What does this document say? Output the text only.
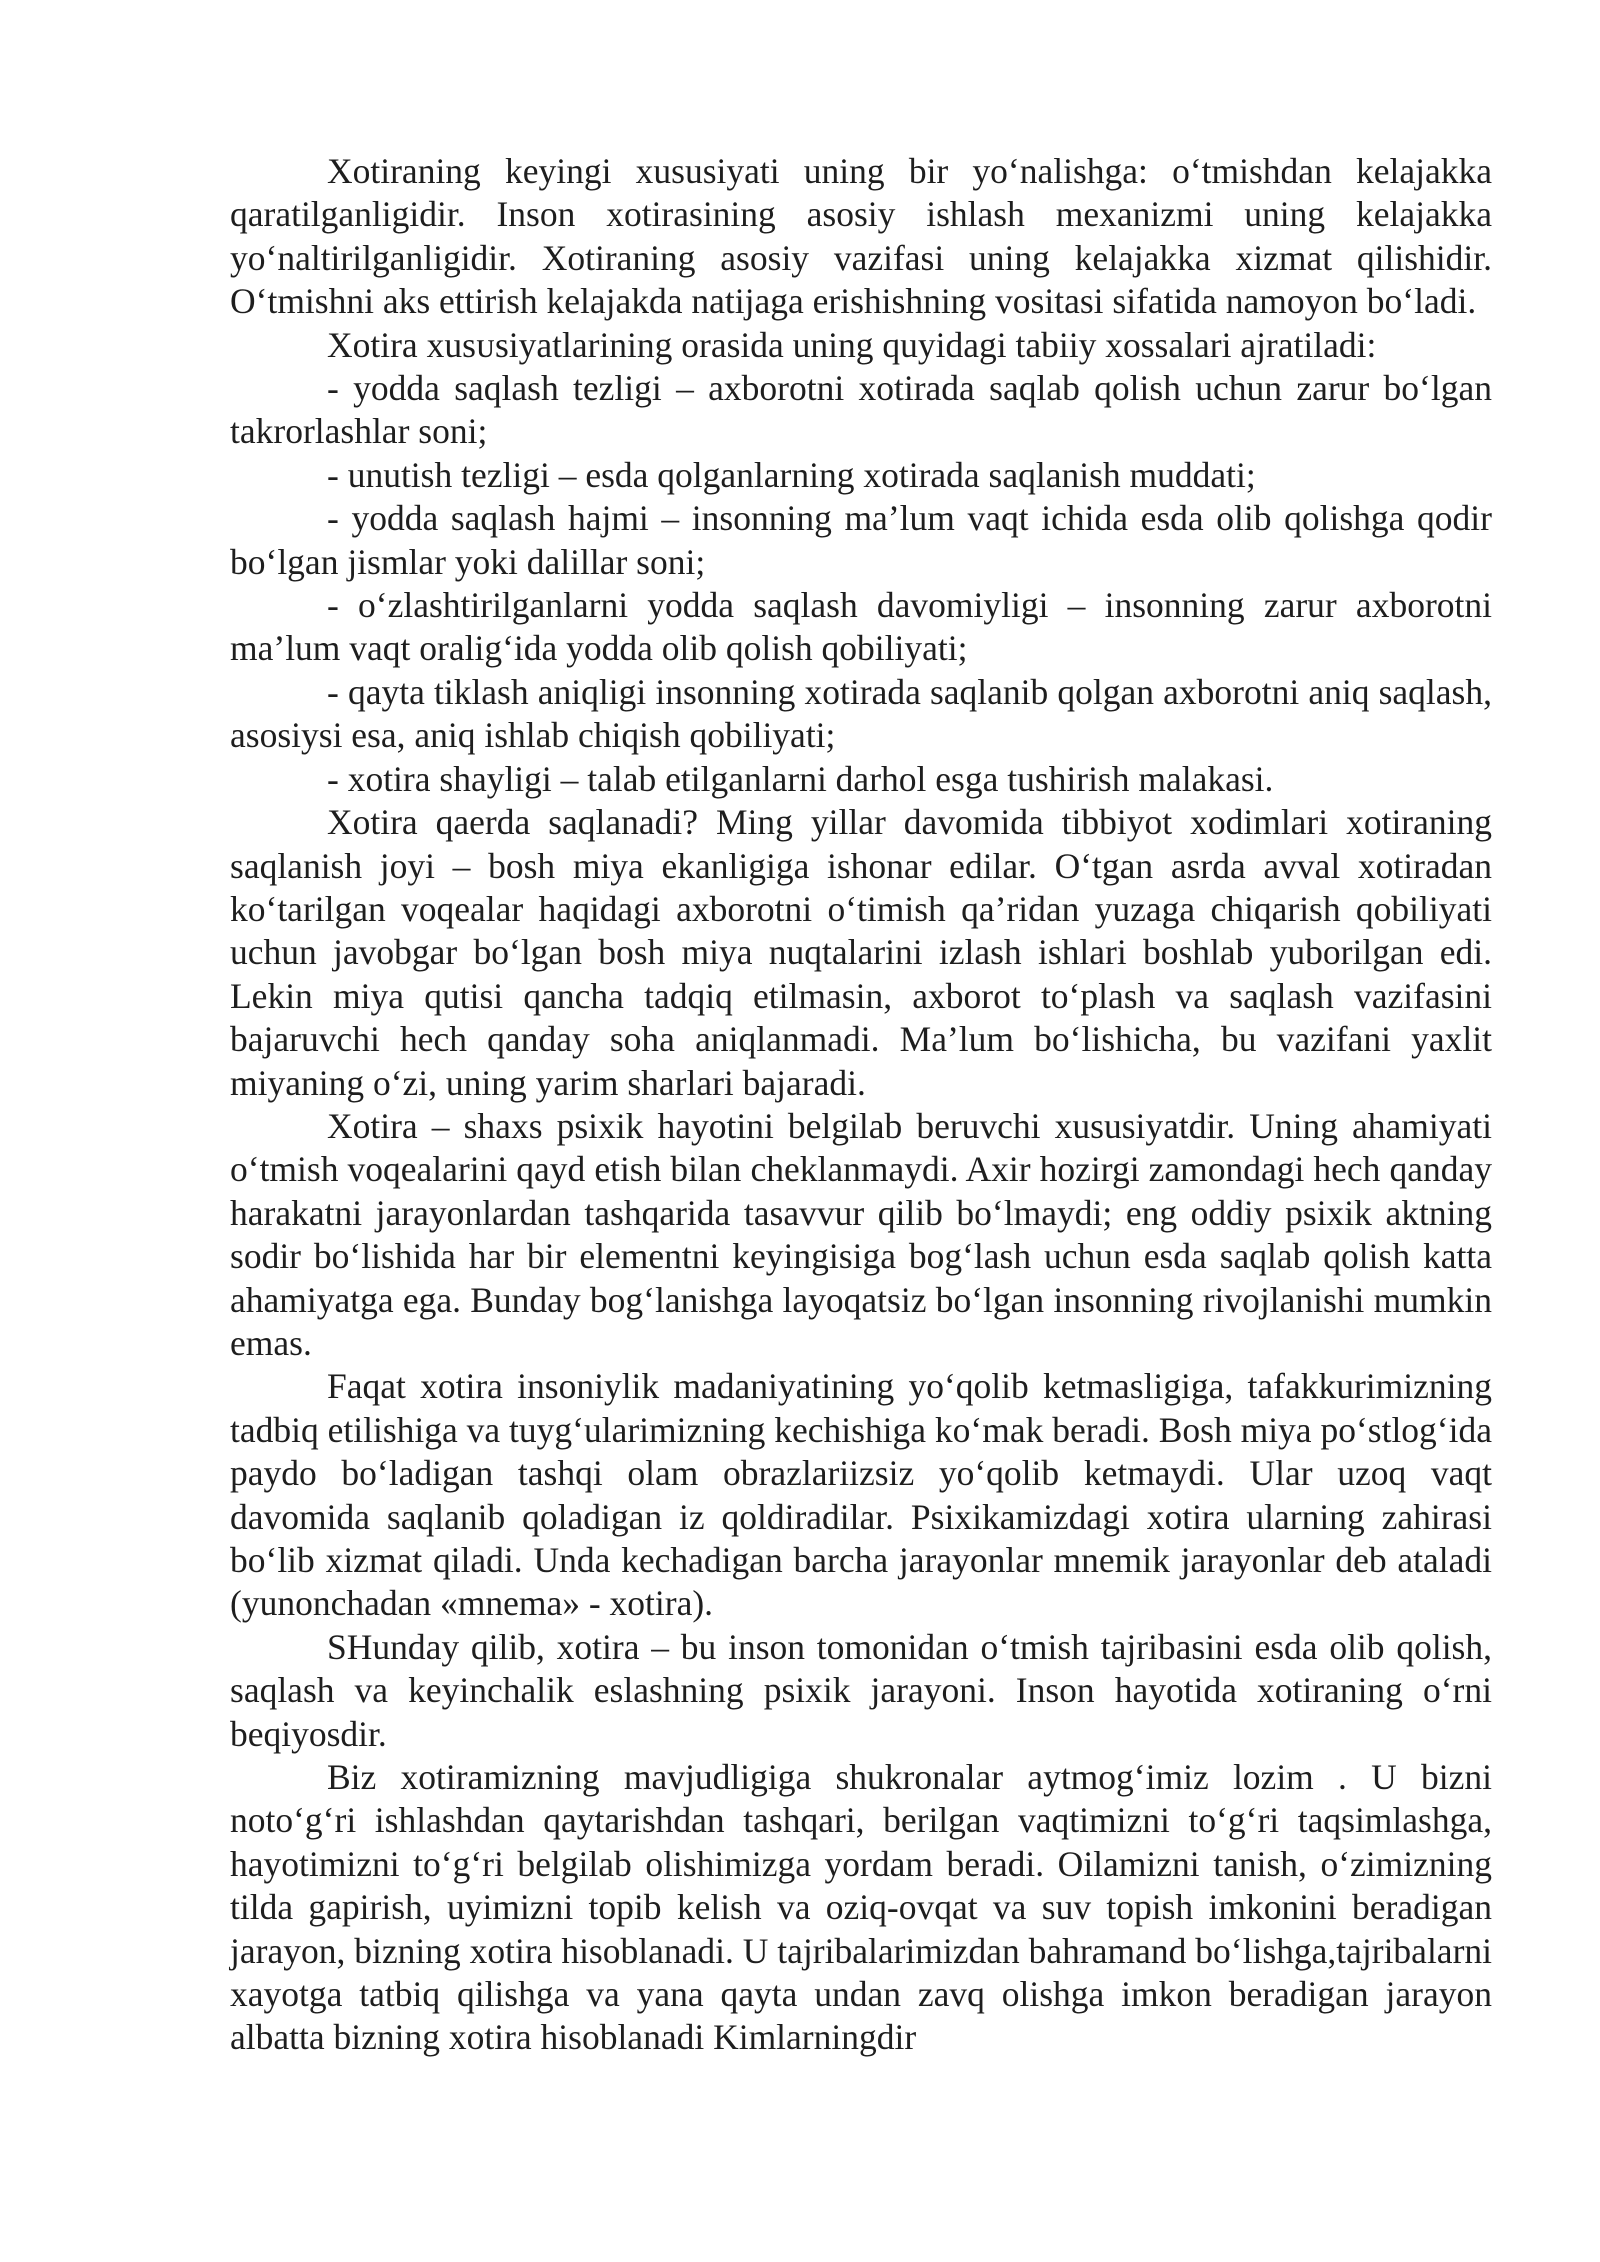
Xotiraning keyingi xususiyati uning bir yo‘nalishga: o‘tmishdan kelajakka qaratilganligidir. Inson xotirasining asosiy ishlash mexanizmi uning kelajakka yo‘naltirilganligidir. Xotiraning asosiy vazifasi uning kelajakka xizmat qilishidir. O‘tmishni aks ettirish kelajakda natijaga erishishning vositasi sifatida namoyon bo‘ladi.

Xotira xusᴜsiyatlarining orasida uning quyidagi tabiiy xossalari ajratiladi:

- yodda saqlash tezligi – axborotni xotirada saqlab qolish uchun zarur bo‘lgan takrorlashlar soni;

- unutish tezligi – esda qolganlarning xotirada saqlanish muddati;

- yodda saqlash hajmi – insonning ma’lum vaqt ichida esda olib qolishga qodir bo‘lgan jismlar yoki dalillar soni;

- o‘zlashtirilganlarni yodda saqlash davomiyligi – insonning zarur axborotni ma’lum vaqt oralig‘ida yodda olib qolish qobiliyati;

- qayta tiklash aniqligi insonning xotirada saqlanib qolgan axborotni aniq saqlash, asosiysi esa, aniq ishlab chiqish qobiliyati;

- xotira shayligi – talab etilganlarni darhol esga tushirish malakasi.

Xotira qaerda saqlanadi? Ming yillar davomida tibbiyot xodimlari xotiraning saqlanish joyi – bosh miya ekanligiga ishonar edilar. O‘tgan asrda avval xotiradan ko‘tarilgan voqealar haqidagi axborotni o‘timish qa’ridan yuzaga chiqarish qobiliyati uchun javobgar bo‘lgan bosh miya nuqtalarini izlash ishlari boshlab yuborilgan edi. Lekin miya qutisi qancha tadqiq etilmasin, axborot to‘plash va saqlash vazifasini bajaruvchi hech qanday soha aniqlanmadi. Ma’lum bo‘lishicha, bu vazifani yaxlit miyaning o‘zi, uning yarim sharlari bajaradi.

Xotira – shaxs psixik hayotini belgilab beruvchi xususiyatdir. Uning ahamiyati o‘tmish voqealarini qayd etish bilan cheklanmaydi. Axir hozirgi zamondagi hech qanday harakatni jarayonlardan tashqarida tasavvur qilib bo‘lmaydi; eng oddiy psixik aktning sodir bo‘lishida har bir elementni keyingisiga bog‘lash uchun esda saqlab qolish katta ahamiyatga ega. Bunday bog‘lanishga layoqatsiz bo‘lgan insonning rivojlanishi mumkin emas.

Faqat xotira insoniylik madaniyatining yo‘qolib ketmasligiga, tafakkurimizning tadbiq etilishiga va tuyg‘ularimizning kechishiga ko‘mak beradi. Bosh miya po‘stlog‘ida paydo bo‘ladigan tashqi olam obrazlariizsiz yo‘qolib ketmaydi. Ular uzoq vaqt davomida saqlanib qoladigan iz qoldiradilar. Psixikamizdagi xotira ularning zahirasi bo‘lib xizmat qiladi. Unda kechadigan barcha jarayonlar mnemik jarayonlar deb ataladi (yunonchadan «mnema» - xotira).

SHunday qilib, xotira – bu inson tomonidan o‘tmish tajribasini esda olib qolish, saqlash va keyinchalik eslashning psixik jarayoni. Inson hayotida xotiraning o‘rni beqiyosdir.

Biz xotiramizning mavjudligiga shukronalar aytmog‘imiz lozim . U bizni noto‘g‘ri ishlashdan qaytarishdan tashqari, berilgan vaqtimizni to‘g‘ri taqsimlashga, hayotimizni to‘g‘ri belgilab olishimizga yordam beradi. Oilamizni tanish, o‘zimizning tilda gapirish, uyimizni topib kelish va oziq-ovqat va suv topish imkonini beradigan jarayon, bizning xotira hisoblanadi. U tajribalarimizdan bahramand bo‘lishga,tajribalarni xayotga tatbiq qilishga va yana qayta undan zavq olishga imkon beradigan jarayon albatta bizning xotira hisoblanadi Kimlarningdir
